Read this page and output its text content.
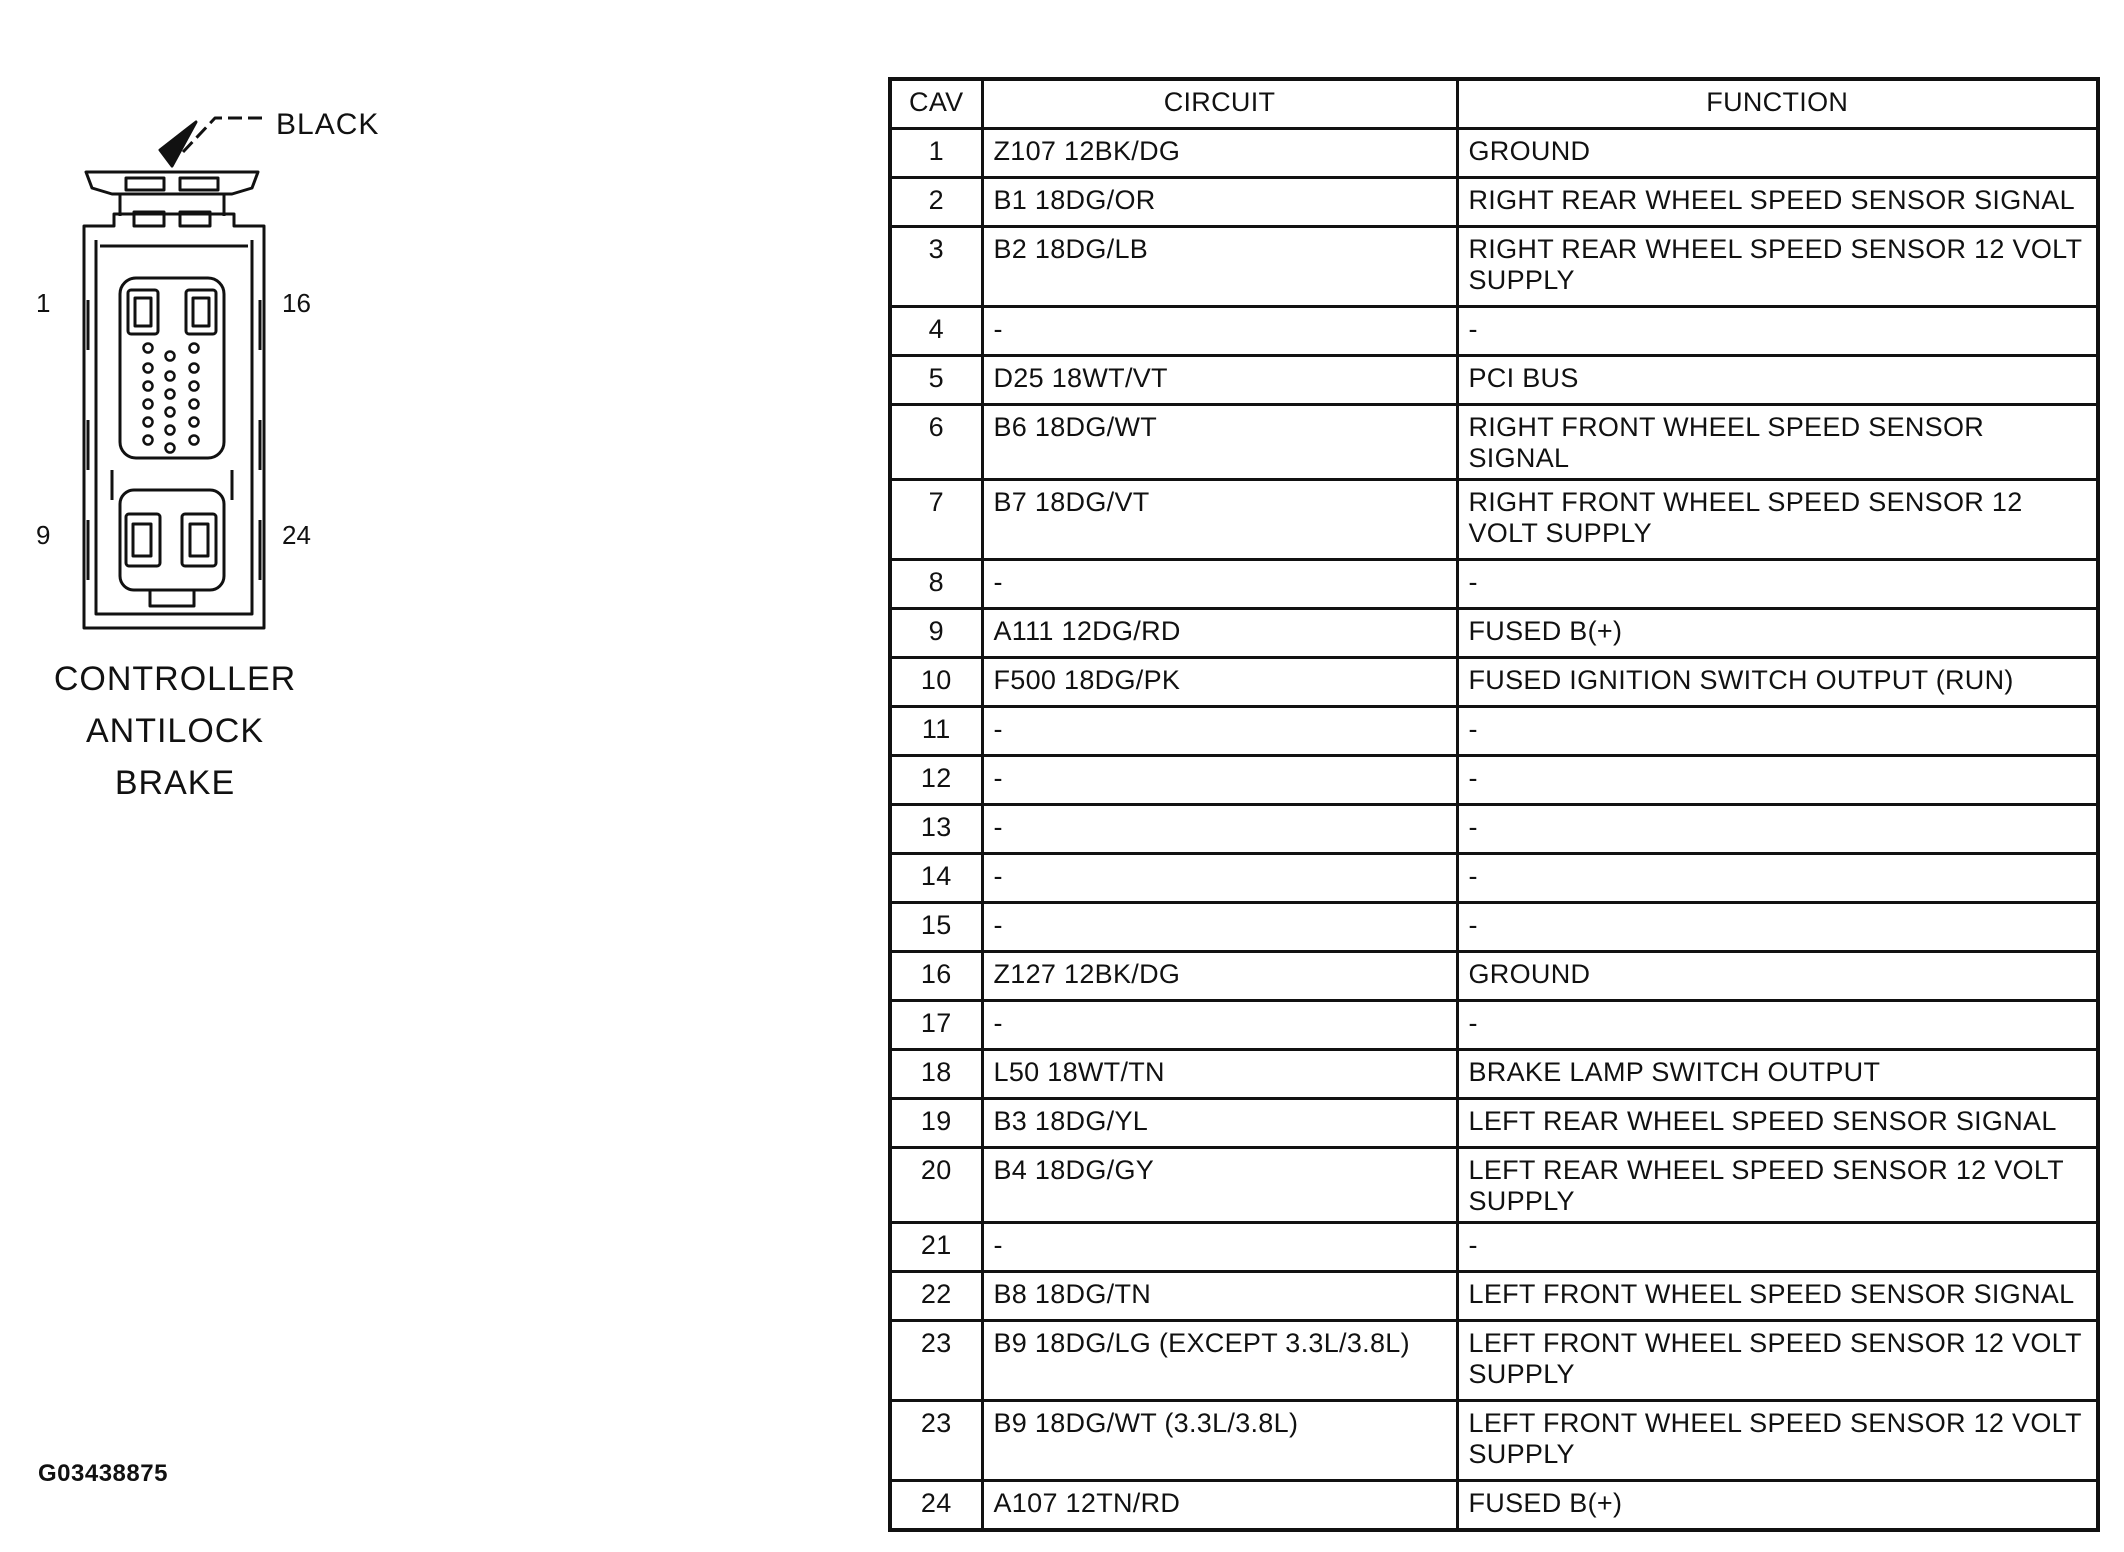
BLACK
1	16
9	24
CONTROLLER
ANTILOCK
BRAKE
G03438875
CAV	CIRCUIT	FUNCTION
1	Z107 12BK/DG	GROUND
2	B1 18DG/OR	RIGHT REAR WHEEL SPEED SENSOR SIGNAL
3	B2 18DG/LB	RIGHT REAR WHEEL SPEED SENSOR 12 VOLT SUPPLY
4	-	-
5	D25 18WT/VT	PCI BUS
6	B6 18DG/WT	RIGHT FRONT WHEEL SPEED SENSOR SIGNAL
7	B7 18DG/VT	RIGHT FRONT WHEEL SPEED SENSOR 12 VOLT SUPPLY
8	-	-
9	A111 12DG/RD	FUSED B(+)
10	F500 18DG/PK	FUSED IGNITION SWITCH OUTPUT (RUN)
11	-	-
12	-	-
13	-	-
14	-	-
15	-	-
16	Z127 12BK/DG	GROUND
17	-	-
18	L50 18WT/TN	BRAKE LAMP SWITCH OUTPUT
19	B3 18DG/YL	LEFT REAR WHEEL SPEED SENSOR SIGNAL
20	B4 18DG/GY	LEFT REAR WHEEL SPEED SENSOR 12 VOLT SUPPLY
21	-	-
22	B8 18DG/TN	LEFT FRONT WHEEL SPEED SENSOR SIGNAL
23	B9 18DG/LG (EXCEPT 3.3L/3.8L)	LEFT FRONT WHEEL SPEED SENSOR 12 VOLT SUPPLY
23	B9 18DG/WT (3.3L/3.8L)	LEFT FRONT WHEEL SPEED SENSOR 12 VOLT SUPPLY
24	A107 12TN/RD	FUSED B(+)
